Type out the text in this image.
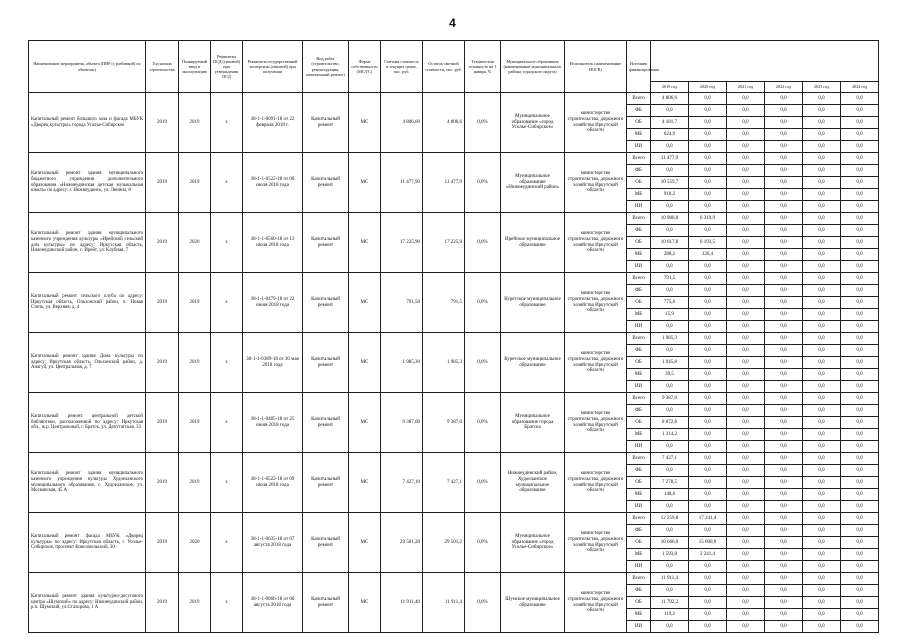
4
Наименование мероприятия, объекта (ПИР (с разбивкой) по объектам)	Год начала строительства	Планируемый ввод в эксплуатацию	Реквизиты ПСД (типовой) при утверждении ПСД	Реквизиты государственной экспертизы (типовой) при получении	Вид работ (строительство, реконструкция, капитальный ремонт)	Форма собственности (МС/ГС)	Сметная стоимость в текущих ценах, тыс. руб.	Остаток сметной стоимости, тыс. руб.	Техническая готовность на 1 января, %	Муниципальное образование (наименование муниципального района, городского округа)	Исполнитель (наименование ИОГВ)	Источник финансирования						
													2019 год	2020 год	2021 год	2022 год	2023 год	2024 год
Капитальный ремонт большого зала и фасада МБУК «Дворец культуры» города Усолье-Сибирское	2019	2019	x	38-1-1-0091-18 от 22 февраля 2018 г.	Капитальный ремонт	МС	4 806,60	4 806,6	0,0%	Муниципальное образование «город Усолье-Сибирское»	министерство строительства, дорожного хозяйства Иркутской области	Всего	4 806,6	0,0	0,0	0,0	0,0	0,0
												ФБ	0,0	0,0	0,0	0,0	0,0	0,0
												ОБ	4 181,7	0,0	0,0	0,0	0,0	0,0
												МБ	624,9	0,0	0,0	0,0	0,0	0,0
												ИИ	0,0	0,0	0,0	0,0	0,0	0,0
Капитальный ремонт здания муниципального бюджетного учреждения дополнительного образования «Нижнеудинская детская музыкальная школа» по адресу: г. Нижнеудинск, ул. Ленина, 8	2019	2019	x	38-1-1-0522-18 от 06 июля 2018 года	Капитальный ремонт	МС	11 477,90	11 477,9	0,0%	Муниципальное образование «Нижнеудинский район»	министерство строительства, дорожного хозяйства Иркутской области	Всего	11 477,9	0,0	0,0	0,0	0,0	0,0
												ФБ	0,0	0,0	0,0	0,0	0,0	0,0
												ОБ	10 559,7	0,0	0,0	0,0	0,0	0,0
												МБ	918,2	0,0	0,0	0,0	0,0	0,0
												ИИ	0,0	0,0	0,0	0,0	0,0	0,0
Капитальный ремонт здания муниципального казенного учреждения культуры «Ирейский сельский дом культуры» по адресу: Иркутская область, Нижнеудинский район, с. Ирейт, ул. Клубная, 7	2019	2020	x	38-1-1-0560-18 от 13 июля 2018 года	Капитальный ремонт	МС	17 225,90	17 225,9	0,0%	Ирейское муниципальное образование	министерство строительства, дорожного хозяйства Иркутской области	Всего	10 906,0	6 319,9	0,0	0,0	0,0	0,0
												ФБ	0,0	0,0	0,0	0,0	0,0	0,0
												ОБ	10 617,8	6 193,5	0,0	0,0	0,0	0,0
												МБ	288,2	126,4	0,0	0,0	0,0	0,0
												ИИ	0,0	0,0	0,0	0,0	0,0	0,0
Капитальный ремонт сельского клуба по адресу: Иркутская область, Ольхонский район, п. Новая Степь, ул. Верхняя, д. 4	2019	2019	x	38-1-1-0479-18 от 22 июня 2018 года	Капитальный ремонт	МС	791,50	791,5	0,0%	Куретское муниципальное образование	министерство строительства, дорожного хозяйства Иркутской области	Всего	791,5	0,0	0,0	0,0	0,0	0,0
												ФБ	0,0	0,0	0,0	0,0	0,0	0,0
												ОБ	775,6	0,0	0,0	0,0	0,0	0,0
												МБ	15,9	0,0	0,0	0,0	0,0	0,0
												ИИ	0,0	0,0	0,0	0,0	0,0	0,0
Капитальный ремонт здания Дома культуры по адресу: Иркутская область, Ольхонский район, д. Анагуй, ул. Центральная, д. 7	2019	2019	x	38-1-1-0389-18 от 30 мая 2018 года	Капитальный ремонт	МС	1 985,30	1 985,3	0,0%	Куретское муниципальное образование	министерство строительства, дорожного хозяйства Иркутской области	Всего	1 985,3	0,0	0,0	0,0	0,0	0,0
												ФБ	0,0	0,0	0,0	0,0	0,0	0,0
												ОБ	1 945,8	0,0	0,0	0,0	0,0	0,0
												МБ	39,5	0,0	0,0	0,0	0,0	0,0
												ИИ	0,0	0,0	0,0	0,0	0,0	0,0
Капитальный ремонт центральной детской библиотеки, расположенной по адресу: Иркутская обл., ж.р. Центральный, г. Братск, ул. Депутатская, 33	2019	2019	x	38-1-1-0485-18 от 25 июня 2018 года	Капитальный ремонт	МС	9 387,00	9 387,0	0,0%	Муниципальное образование города Братска	министерство строительства, дорожного хозяйства Иркутской области	Всего	9 387,0	0,0	0,0	0,0	0,0	0,0
												ФБ	0,0	0,0	0,0	0,0	0,0	0,0
												ОБ	8 072,8	0,0	0,0	0,0	0,0	0,0
												МБ	1 314,2	0,0	0,0	0,0	0,0	0,0
												ИИ	0,0	0,0	0,0	0,0	0,0	0,0
Капитальный ремонт здания муниципального казенного учреждения культуры Худоеланского муниципального образования, с. Худоеланское, ул. Московская, 45 А	2019	2019	x	38-1-1-0522-18 от 09 июля 2018 года	Капитальный ремонт	МС	7 427,10	7 427,1	0,0%	Нижнеудинский район, Худоеланское муниципальное образование	министерство строительства, дорожного хозяйства Иркутской области	Всего	7 427,1	0,0	0,0	0,0	0,0	0,0
												ФБ	0,0	0,0	0,0	0,0	0,0	0,0
												ОБ	7 278,5	0,0	0,0	0,0	0,0	0,0
												МБ	148,6	0,0	0,0	0,0	0,0	0,0
												ИИ	0,0	0,0	0,0	0,0	0,0	0,0
Капитальный ремонт фасада МБУК «Дворец культуры» по адресу: Иркутская область, г. Усолье-Сибирское, проспект Комсомольский, 30	2019	2020	x	38-1-1-0635-18 от 07 августа 2018 года	Капитальный ремонт	МС	29 501,20	29 501,2	0,0%	Муниципальное образование «город Усолье-Сибирское»	министерство строительства, дорожного хозяйства Иркутской области	Всего	12 259,8	17 241,4	0,0	0,0	0,0	0,0
												ФБ	0,0	0,0	0,0	0,0	0,0	0,0
												ОБ	10 666,0	15 000,0	0,0	0,0	0,0	0,0
												МБ	1 593,8	2 241,4	0,0	0,0	0,0	0,0
												ИИ	0,0	0,0	0,0	0,0	0,0	0,0
Капитальный ремонт здания культурно-досугового центра «Шумский» по адресу: Нижнеудинский район, р.п. Шумский, ул.Стахорова, 1 А	2019	2019	x	38-1-1-0666-18 от 06 августа 2018 года	Капитальный ремонт	МС	11 911,40	11 911,4	0,0%	Шумское муниципальное образование	министерство строительства, дорожного хозяйства Иркутской области	Всего	11 911,4	0,0	0,0	0,0	0,0	0,0
												ФБ	0,0	0,0	0,0	0,0	0,0	0,0
												ОБ	11 792,2	0,0	0,0	0,0	0,0	0,0
												МБ	119,2	0,0	0,0	0,0	0,0	0,0
												ИИ	0,0	0,0	0,0	0,0	0,0	0,0
